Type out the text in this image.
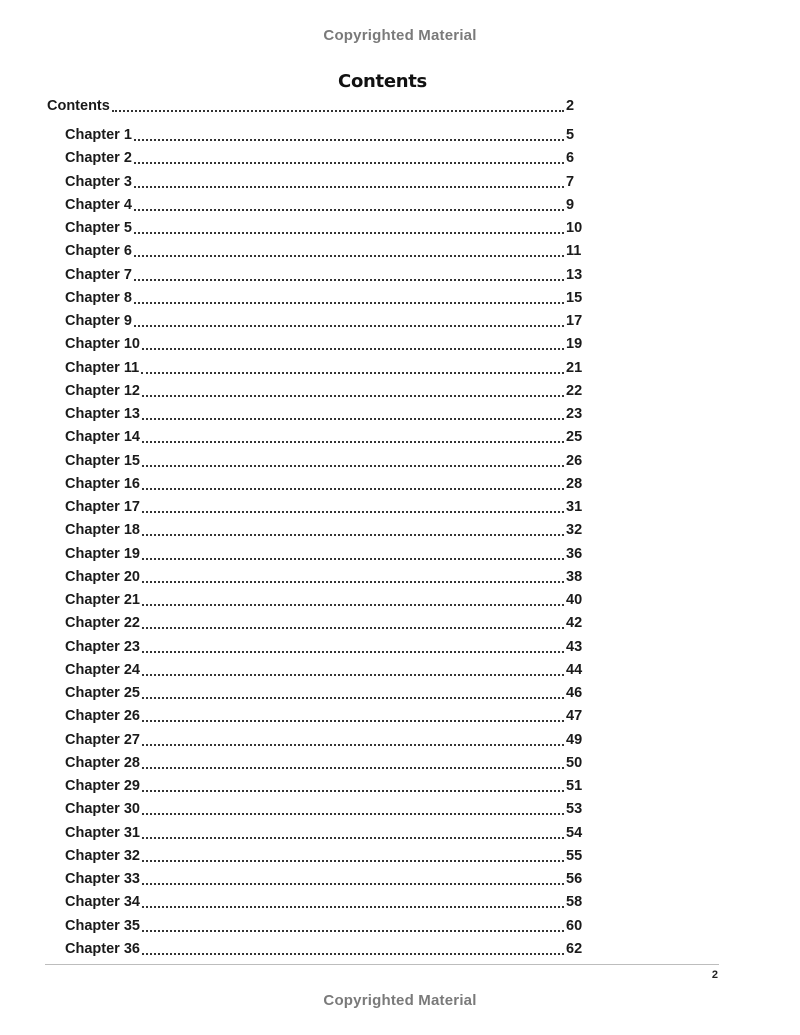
Copyrighted Material
Contents
Contents	2
Chapter 1	5
Chapter 2	6
Chapter 3	7
Chapter 4	9
Chapter 5	10
Chapter 6	11
Chapter 7	13
Chapter 8	15
Chapter 9	17
Chapter 10	19
Chapter 11	21
Chapter 12	22
Chapter 13	23
Chapter 14	25
Chapter 15	26
Chapter 16	28
Chapter 17	31
Chapter 18	32
Chapter 19	36
Chapter 20	38
Chapter 21	40
Chapter 22	42
Chapter 23	43
Chapter 24	44
Chapter 25	46
Chapter 26	47
Chapter 27	49
Chapter 28	50
Chapter 29	51
Chapter 30	53
Chapter 31	54
Chapter 32	55
Chapter 33	56
Chapter 34	58
Chapter 35	60
Chapter 36	62
2
Copyrighted Material
